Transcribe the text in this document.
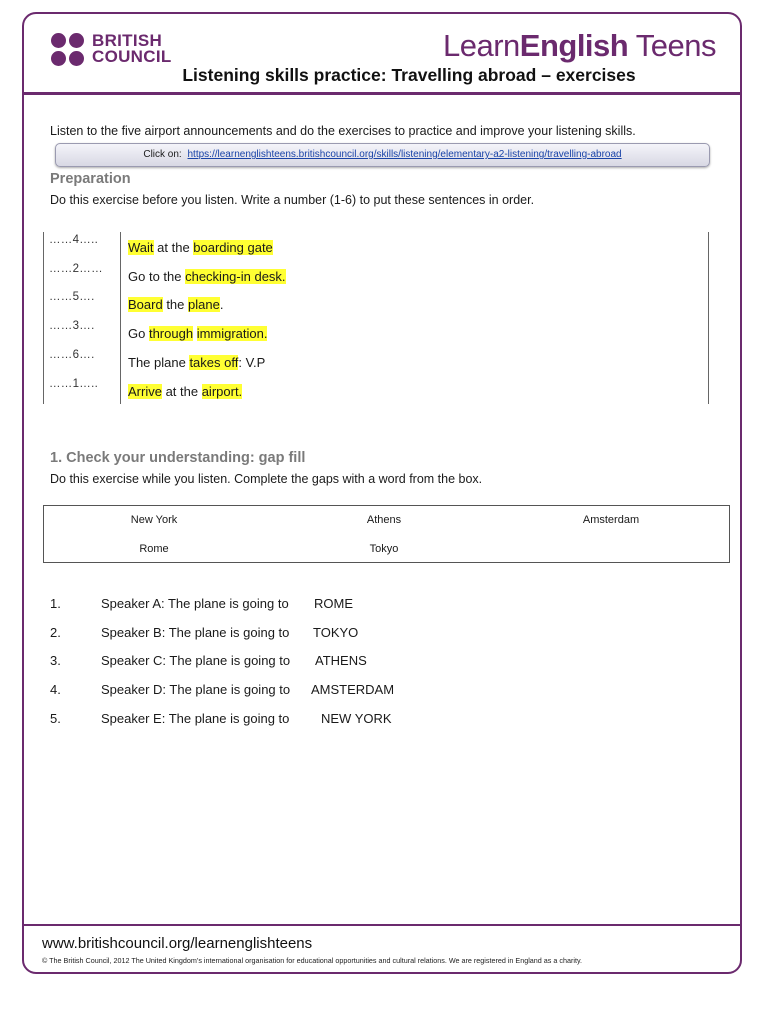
BRITISH
COUNCIL	LearnEnglish Teens
Listening skills practice: Travelling abroad – exercises
Listen to the five airport announcements and do the exercises to practice and improve your listening skills.
Click on: https://learnenglishteens.britishcouncil.org/skills/listening/elementary-a2-listening/travelling-abroad
Preparation
Do this exercise before you listen. Write a number (1-6) to put these sentences in order.
……4….. Wait at the boarding gate
……2…… Go to the checking-in desk.
……5….	Board the plane.
……3….	Go through immigration.
……6….	The plane takes off: V.P
……1….. Arrive at the airport.
1. Check your understanding: gap fill
Do this exercise while you listen. Complete the gaps with a word from the box.
New York	Athens	Amsterdam
Rome	Tokyo
1.	Speaker A: The plane is going to ROME
2.	Speaker B: The plane is going to TOKYO
3.	Speaker C: The plane is going to ATHENS
4.	Speaker D: The plane is going to AMSTERDAM
5.	Speaker E: The plane is going to NEW YORK
www.britishcouncil.org/learnenglishteens
© The British Council, 2012 The United Kingdom’s international organisation for educational opportunities and cultural relations. We are registered in England as a charity.
